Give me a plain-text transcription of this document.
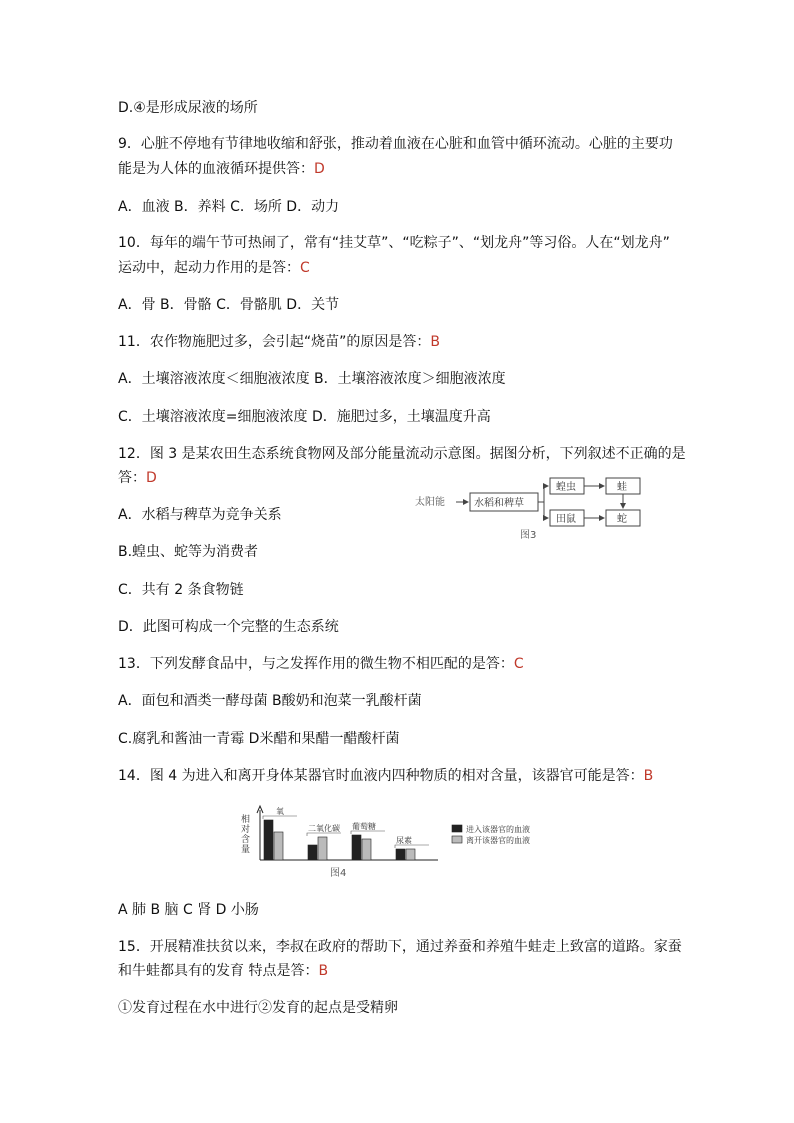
D.④是形成尿液的场所
9．心脏不停地有节律地收缩和舒张，推动着血液在心脏和血管中循环流动。心脏的主要功
能是为人体的血液循环提供答：D
A．血液 B．养料 C．场所 D．动力
10．每年的端午节可热闹了，常有“挂艾草”、“吃粽子”、“划龙舟”等习俗。人在“划龙舟”
运动中，起动力作用的是答：C
A．骨 B．骨骼 C．骨骼肌 D．关节
11．农作物施肥过多，会引起“烧苗”的原因是答：B
A．土壤溶液浓度＜细胞液浓度 B．土壤溶液浓度＞细胞液浓度
C．土壤溶液浓度=细胞液浓度 D．施肥过多，土壤温度升高
12．图 3 是某农田生态系统食物网及部分能量流动示意图。据图分析，下列叙述不正确的是
答：D
A．水稻与稗草为竞争关系
B.蝗虫、蛇等为消费者
C．共有 2 条食物链
D．此图可构成一个完整的生态系统
太阳能	水稻和稗草
蝗虫
田鼠
蛙
蛇
图3
13．下列发酵食品中，与之发挥作用的微生物不相匹配的是答：C
A．面包和酒类一酵母菌 B酸奶和泡菜一乳酸杆菌
C.腐乳和酱油一青霉 D米醋和果醋一醋酸杆菌
14．图 4 为进入和离开身体某器官时血液内四种物质的相对含量，该器官可能是答：B
相对含量
氧
二氧化碳 葡萄糖
尿素
进入该器官的血液
离开该器官的血液
图4
A 肺 B 脑 C 肾 D 小肠
15．开展精准扶贫以来，李叔在政府的帮助下，通过养蚕和养殖牛蛙走上致富的道路。家蚕
和牛蛙都具有的发育 特点是答：B
①发育过程在水中进行②发育的起点是受精卵
